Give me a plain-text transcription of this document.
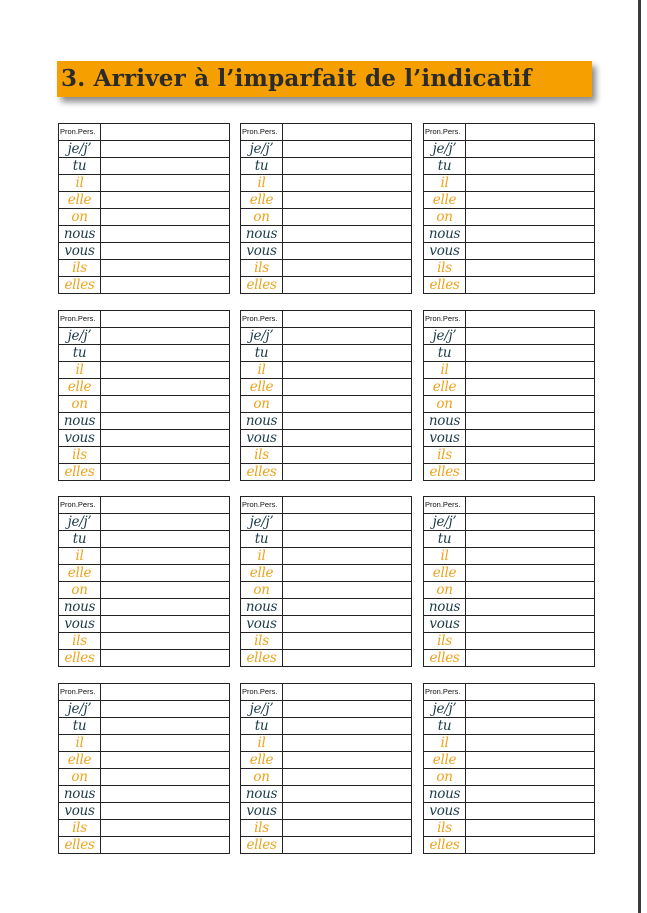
3. Arriver à l’imparfait de l’indicatif
Pron.Pers.	

je/j’	

tu	

il	

elle	

on	

nous	

vous	

ils	

elles	

Pron.Pers.	

je/j’	

tu	

il	

elle	

on	

nous	

vous	

ils	

elles	

Pron.Pers.	

je/j’	

tu	

il	

elle	

on	

nous	

vous	

ils	

elles	

Pron.Pers.	

je/j’	

tu	

il	

elle	

on	

nous	

vous	

ils	

elles	

Pron.Pers.	

je/j’	

tu	

il	

elle	

on	

nous	

vous	

ils	

elles	

Pron.Pers.	

je/j’	

tu	

il	

elle	

on	

nous	

vous	

ils	

elles	

Pron.Pers.	

je/j’	

tu	

il	

elle	

on	

nous	

vous	

ils	

elles	

Pron.Pers.	

je/j’	

tu	

il	

elle	

on	

nous	

vous	

ils	

elles	

Pron.Pers.	

je/j’	

tu	

il	

elle	

on	

nous	

vous	

ils	

elles	

Pron.Pers.	

je/j’	

tu	

il	

elle	

on	

nous	

vous	

ils	

elles	

Pron.Pers.	

je/j’	

tu	

il	

elle	

on	

nous	

vous	

ils	

elles	

Pron.Pers.	

je/j’	

tu	

il	

elle	

on	

nous	

vous	

ils	

elles	
